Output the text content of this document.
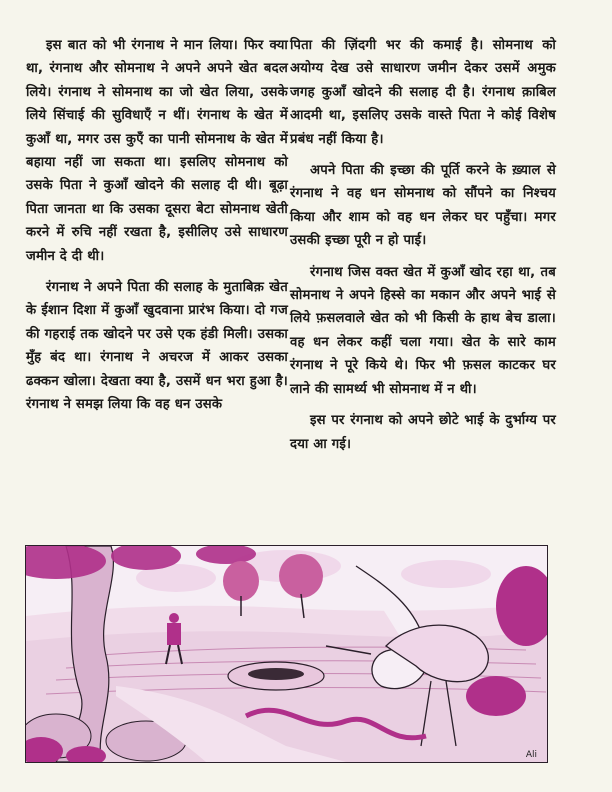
इस बात को भी रंगनाथ ने मान लिया। फिर क्या था, रंगनाथ और सोमनाथ ने अपने अपने खेत बदल लिये। रंगनाथ ने सोमनाथ का जो खेत लिया, उसके लिये सिंचाई की सुविधाएँ न थीं। रंगनाथ के खेत में कुआँ था, मगर उस कुएँ का पानी सोमनाथ के खेत में बहाया नहीं जा सकता था। इसलिए सोमनाथ को उसके पिता ने कुआँ खोदने की सलाह दी थी। बूढ़ा पिता जानता था कि उसका दूसरा बेटा सोमनाथ खेती करने में रुचि नहीं रखता है, इसीलिए उसे साधारण जमीन दे दी थी।

रंगनाथ ने अपने पिता की सलाह के मुताबिक़ खेत के ईशान दिशा में कुआँ खुदवाना प्रारंभ किया। दो गज की गहराई तक खोदने पर उसे एक हंडी मिली। उसका मुँह बंद था। रंगनाथ ने अचरज में आकर उसका ढक्कन खोला। देखता क्या है, उसमें धन भरा हुआ है। रंगनाथ ने समझ लिया कि वह धन उसके

पिता की ज़िंदगी भर की कमाई है। सोमनाथ को अयोग्य देख उसे साधारण जमीन देकर उसमें अमुक जगह कुआँ खोदने की सलाह दी है। रंगनाथ क़ाबिल आदमी था, इसलिए उसके वास्ते पिता ने कोई विशेष प्रबंध नहीं किया है।

अपने पिता की इच्छा की पूर्ति करने के ख़्याल से रंगनाथ ने वह धन सोमनाथ को सौंपने का निश्चय किया और शाम को वह धन लेकर घर पहुँचा। मगर उसकी इच्छा पूरी न हो पाई।

रंगनाथ जिस वक्त खेत में कुआँ खोद रहा था, तब सोमनाथ ने अपने हिस्से का मकान और अपने भाई से लिये फ़सलवाले खेत को भी किसी के हाथ बेच डाला। वह धन लेकर कहीं चला गया। खेत के सारे काम रंगनाथ ने पूरे किये थे। फिर भी फ़सल काटकर घर लाने की सामर्थ्य भी सोमनाथ में न थी।

इस पर रंगनाथ को अपने छोटे भाई के दुर्भाग्य पर दया आ गई।

Ali
